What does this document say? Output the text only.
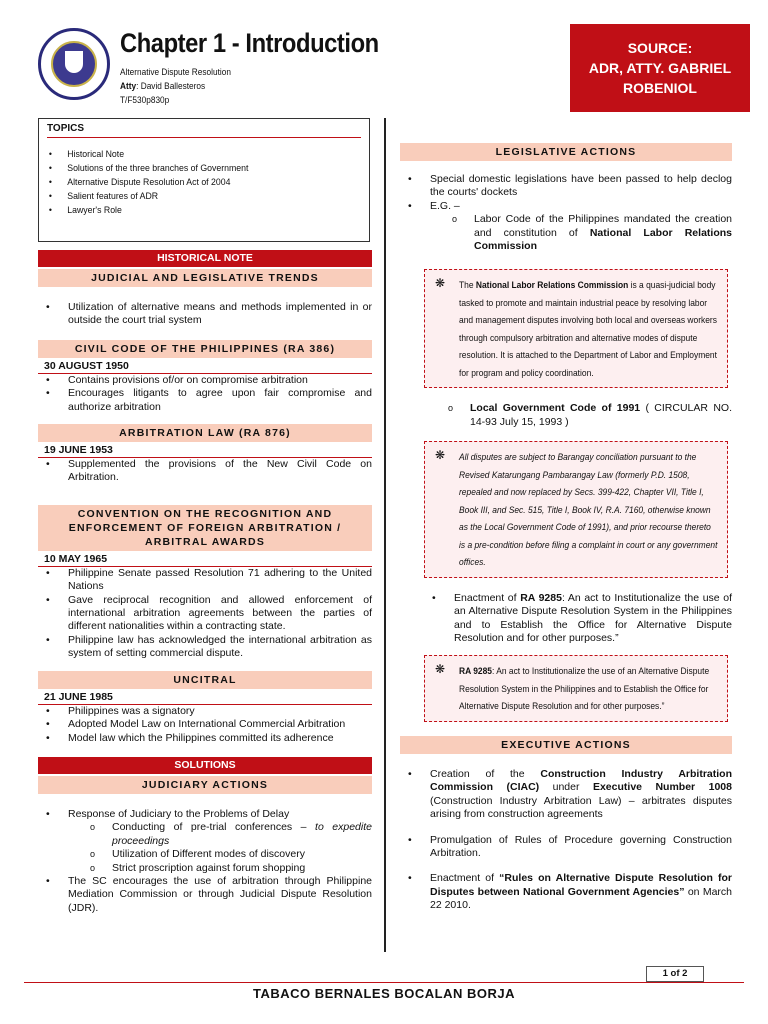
Chapter 1 - Introduction
Alternative Dispute Resolution
Atty: David Ballesteros
T/F530p830p
SOURCE:
ADR, ATTY. GABRIEL
ROBENIOL
TOPICS
• Historical Note
• Solutions of the three branches of Government
• Alternative Dispute Resolution Act of 2004
• Salient features of ADR
• Lawyer's Role
HISTORICAL NOTE
JUDICIAL AND LEGISLATIVE TRENDS
• Utilization of alternative means and methods implemented in or outside the court trial system
CIVIL CODE OF THE PHILIPPINES (RA 386)
30 AUGUST 1950
• Contains provisions of/or on compromise arbitration
• Encourages litigants to agree upon fair compromise and authorize arbitration
ARBITRATION LAW (RA 876)
19 JUNE 1953
• Supplemented the provisions of the New Civil Code on Arbitration.
CONVENTION ON THE RECOGNITION AND ENFORCEMENT OF FOREIGN ARBITRATION / ARBITRAL AWARDS
10 MAY 1965
• Philippine Senate passed Resolution 71 adhering to the United Nations
• Gave reciprocal recognition and allowed enforcement of international arbitration agreements between the parties of different nationalities within a contracting state.
• Philippine law has acknowledged the international arbitration as system of setting commercial dispute.
UNCITRAL
21 JUNE 1985
• Philippines was a signatory
• Adopted Model Law on International Commercial Arbitration
• Model law which the Philippines committed its adherence
SOLUTIONS
JUDICIARY ACTIONS
• Response of Judiciary to the Problems of Delay
o Conducting of pre-trial conferences – to expedite proceedings
o Utilization of Different modes of discovery
o Strict proscription against forum shopping
• The SC encourages the use of arbitration through Philippine Mediation Commission or through Judicial Dispute Resolution (JDR).
LEGISLATIVE ACTIONS
• Special domestic legislations have been passed to help declog the courts' dockets
• E.G. –
o Labor Code of the Philippines mandated the creation and constitution of National Labor Relations Commission
❋ The National Labor Relations Commission is a quasi-judicial body tasked to promote and maintain industrial peace by resolving labor and management disputes involving both local and overseas workers through compulsory arbitration and alternative modes of dispute resolution. It is attached to the Department of Labor and Employment for program and policy coordination.
o Local Government Code of 1991 ( CIRCULAR NO. 14-93 July 15, 1993 )
❋ All disputes are subject to Barangay conciliation pursuant to the Revised Katarungang Pambarangay Law (formerly P.D. 1508, repealed and now replaced by Secs. 399-422, Chapter VII, Title I, Book III, and Sec. 515, Title I, Book IV, R.A. 7160, otherwise known as the Local Government Code of 1991), and prior recourse thereto is a pre-condition before filing a complaint in court or any government offices.
• Enactment of RA 9285: An act to Institutionalize the use of an Alternative Dispute Resolution System in the Philippines and to Establish the Office for Alternative Dispute Resolution and for other purposes.”
❋ RA 9285: An act to Institutionalize the use of an Alternative Dispute Resolution System in the Philippines and to Establish the Office for Alternative Dispute Resolution and for other purposes.”
EXECUTIVE ACTIONS
• Creation of the Construction Industry Arbitration Commission (CIAC) under Executive Number 1008 (Construction Industry Arbitration Law) – arbitrates disputes arising from construction agreements
• Promulgation of Rules of Procedure governing Construction Arbitration.
• Enactment of “Rules on Alternative Dispute Resolution for Disputes between National Government Agencies” on March 22 2010.
1 of 2
TABACO BERNALES BOCALAN BORJA
